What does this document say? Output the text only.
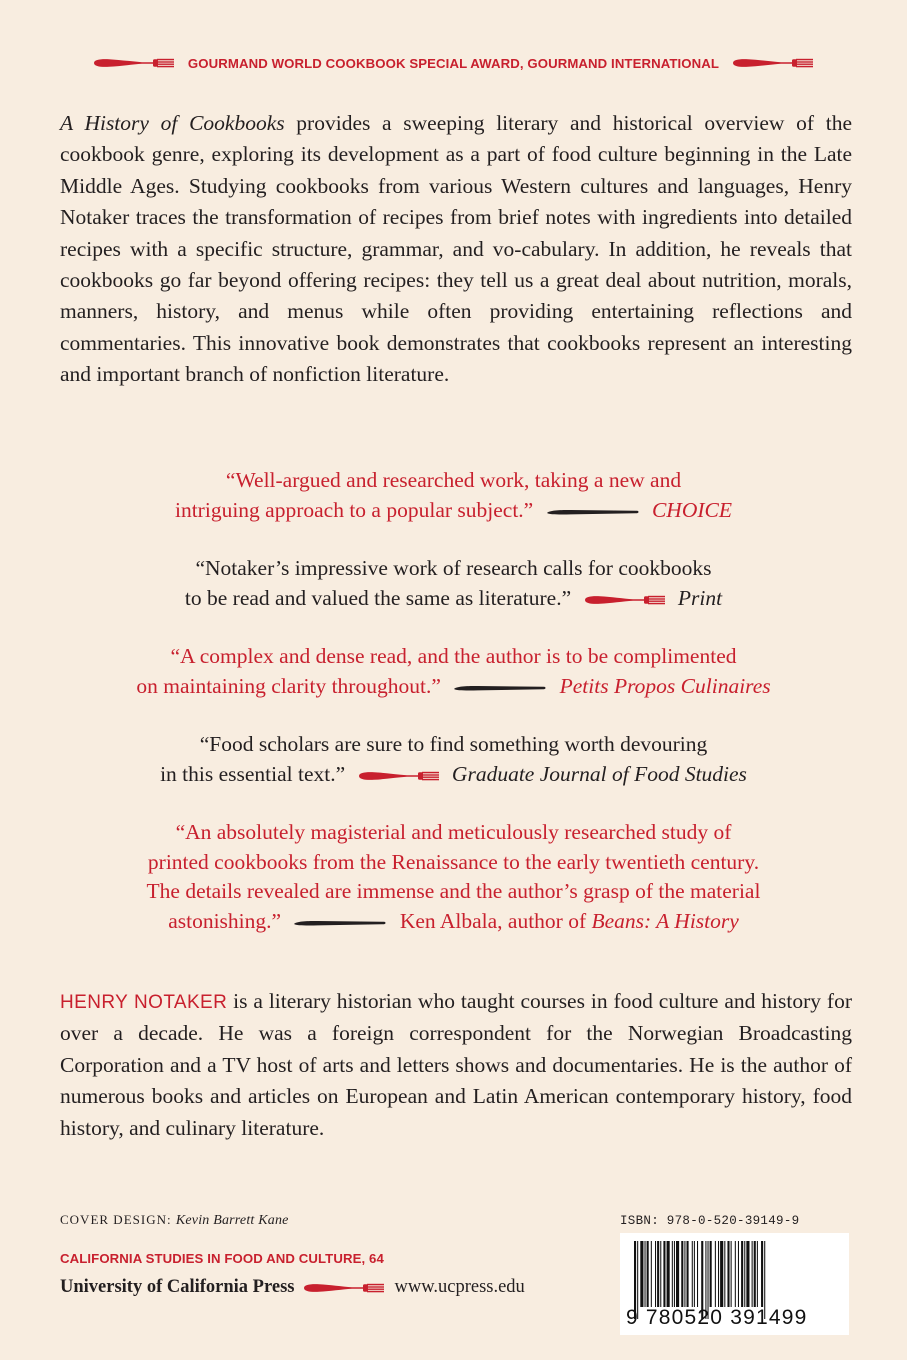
GOURMAND WORLD COOKBOOK SPECIAL AWARD, GOURMAND INTERNATIONAL

A History of Cookbooks provides a sweeping literary and historical overview of the cookbook genre, exploring its development as a part of food culture beginning in the Late Middle Ages. Studying cookbooks from various Western cultures and languages, Henry Notaker traces the transformation of recipes from brief notes with ingredients into detailed recipes with a specific structure, grammar, and vo-cabulary. In addition, he reveals that cookbooks go far beyond offering recipes: they tell us a great deal about nutrition, morals, manners, history, and menus while often providing entertaining reflections and commentaries. This innovative book demonstrates that cookbooks represent an interesting and important branch of nonfiction literature.

“Well-argued and researched work, taking a new and
intriguing approach to a popular subject.”	CHOICE
“Notaker’s impressive work of research calls for cookbooks
to be read and valued the same as literature.”	Print
“A complex and dense read, and the author is to be complimented
on maintaining clarity throughout.”	Petits Propos Culinaires
“Food scholars are sure to find something worth devouring
in this essential text.”	Graduate Journal of Food Studies
“An absolutely magisterial and meticulously researched study of
printed cookbooks from the Renaissance to the early twentieth century.
The details revealed are immense and the author’s grasp of the material
astonishing.”	Ken Albala, author of Beans: A History

HENRY NOTAKER is a literary historian who taught courses in food culture and history for over a decade. He was a foreign correspondent for the Norwegian Broadcasting Corporation and a TV host of arts and letters shows and documentaries. He is the author of numerous books and articles on European and Latin American contemporary history, food history, and culinary literature.

COVER DESIGN: Kevin Barrett Kane
CALIFORNIA STUDIES IN FOOD AND CULTURE, 64
University of California Press	www.ucpress.edu
ISBN: 978-0-520-39149-9
9 780520 391499
